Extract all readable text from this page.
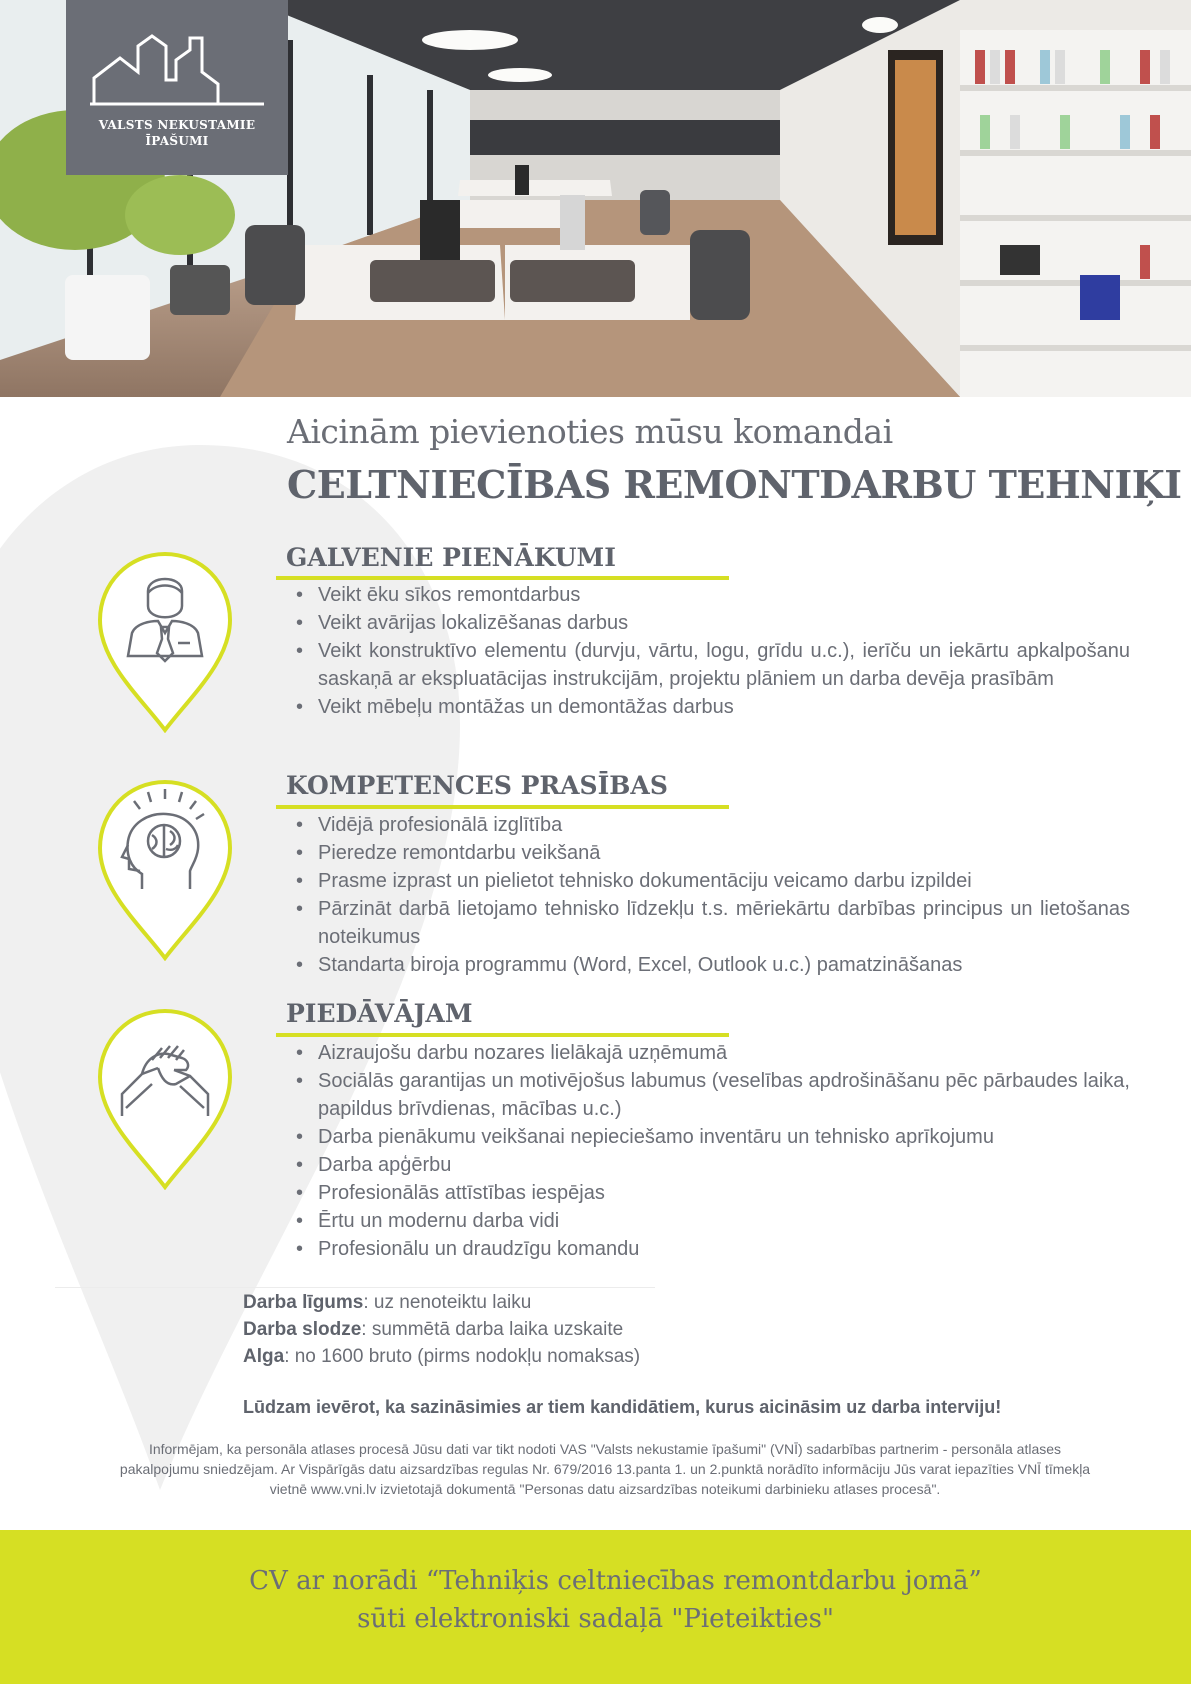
VALSTS NEKUSTAMIE
ĪPAŠUMI
Aicinām pievienoties mūsu komandai
CELTNIECĪBAS REMONTDARBU TEHNIĶI
GALVENIE PIENĀKUMI
• Veikt ēku sīkos remontdarbus
• Veikt avārijas lokalizēšanas darbus
• Veikt konstruktīvo elementu (durvju, vārtu, logu, grīdu u.c.), ierīču un iekārtu apkalpošanu saskaņā ar ekspluatācijas instrukcijām, projektu plāniem un darba devēja prasībām
• Veikt mēbeļu montāžas un demontāžas darbus
KOMPETENCES PRASĪBAS
• Vidējā profesionālā izglītība
• Pieredze remontdarbu veikšanā
• Prasme izprast un pielietot tehnisko dokumentāciju veicamo darbu izpildei
• Pārzināt darbā lietojamo tehnisko līdzekļu t.s. mēriekārtu darbības principus un lietošanas noteikumus
• Standarta biroja programmu (Word, Excel, Outlook u.c.) pamatzināšanas
PIEDĀVĀJAM
• Aizraujošu darbu nozares lielākajā uzņēmumā
• Sociālās garantijas un motivējošus labumus (veselības apdrošināšanu pēc pārbaudes laika, papildus brīvdienas, mācības u.c.)
• Darba pienākumu veikšanai nepieciešamo inventāru un tehnisko aprīkojumu
• Darba apģērbu
• Profesionālās attīstības iespējas
• Ērtu un modernu darba vidi
• Profesionālu un draudzīgu komandu
Darba līgums: uz nenoteiktu laiku
Darba slodze: summētā darba laika uzskaite
Alga: no 1600 bruto (pirms nodokļu nomaksas)
Lūdzam ievērot, ka sazināsimies ar tiem kandidātiem, kurus aicināsim uz darba interviju!
Informējam, ka personāla atlases procesā Jūsu dati var tikt nodoti VAS "Valsts nekustamie īpašumi" (VNĪ) sadarbības partnerim - personāla atlases pakalpojumu sniedzējam. Ar Vispārīgās datu aizsardzības regulas Nr. 679/2016 13.panta 1. un 2.punktā norādīto informāciju Jūs varat iepazīties VNĪ tīmekļa vietnē www.vni.lv izvietotajā dokumentā "Personas datu aizsardzības noteikumi darbinieku atlases procesā".
CV ar norādi “Tehniķis celtniecības remontdarbu jomā”
sūti elektroniski sadaļā "Pieteikties"
